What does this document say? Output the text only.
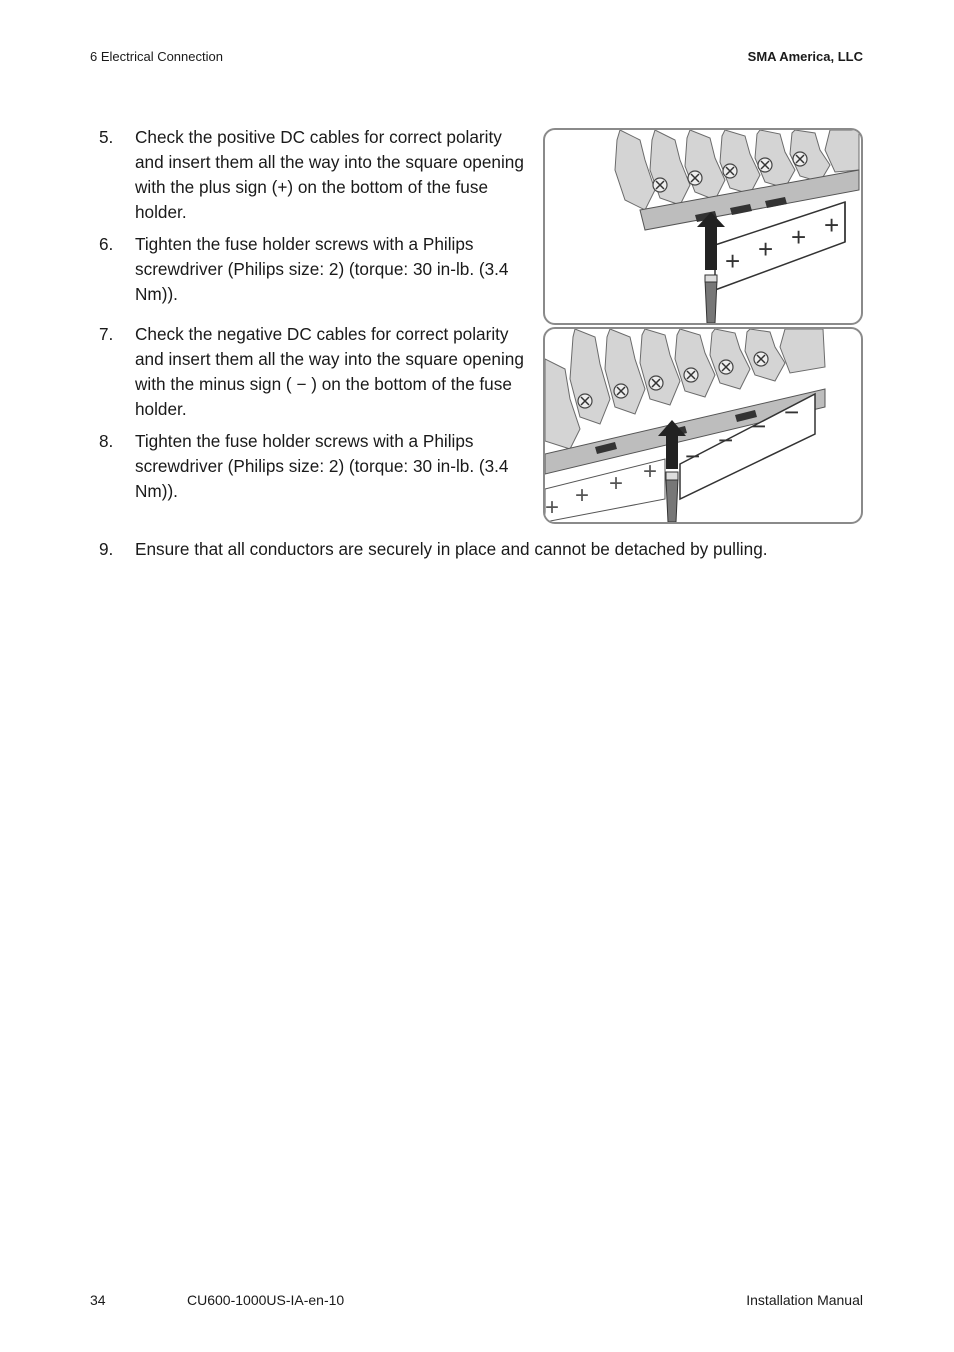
6 Electrical Connection	SMA America, LLC
5. Check the positive DC cables for correct polarity and insert them all the way into the square opening with the plus sign (+) on the bottom of the fuse holder.
6. Tighten the fuse holder screws with a Philips screwdriver (Philips size: 2) (torque: 30 in-lb. (3.4 Nm)).
7. Check the negative DC cables for correct polarity and insert them all the way into the square opening with the minus sign ( − ) on the bottom of the fuse holder.
8. Tighten the fuse holder screws with a Philips screwdriver (Philips size: 2) (torque: 30 in-lb. (3.4 Nm)).
9. Ensure that all conductors are securely in place and cannot be detached by pulling.
+ + + +
−
− − −
+ + + +
34	CU600-1000US-IA-en-10	Installation Manual
